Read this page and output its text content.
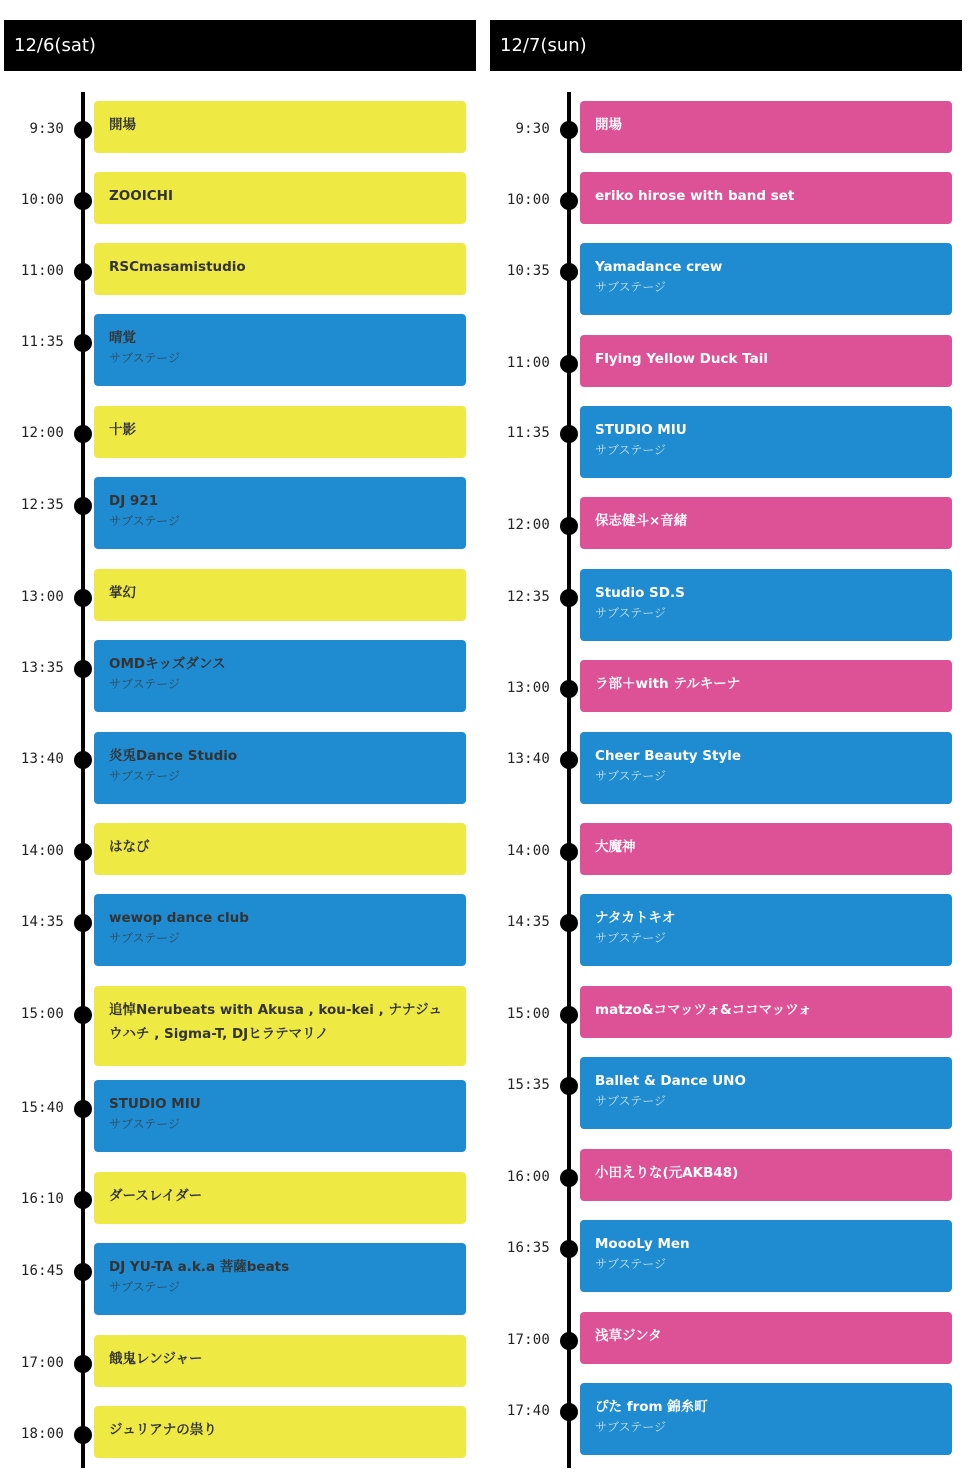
12/6(sat)
9:30	開場
10:00	ZOOICHI
11:00	RSCmasamistudio
11:35	晴覚
サブステージ
12:00	十影
12:35	DJ 921
サブステージ
13:00	掌幻
13:35	OMDキッズダンス
サブステージ
13:40	炎兎Dance Studio
サブステージ
14:00	はなび
14:35	wewop dance club
サブステージ
15:00	追悼Nerubeats with Akusa , kou-kei , ナナジュウハチ , Sigma-T, DJヒラテマリノ
15:40	STUDIO MIU
サブステージ
16:10	ダースレイダー
16:45	DJ YU-TA a.k.a 菩薩beats
サブステージ
17:00	餓鬼レンジャー
18:00	ジュリアナの祟り
12/7(sun)
9:30	開場
10:00	eriko hirose with band set
10:35	Yamadance crew
サブステージ
11:00	Flying Yellow Duck Tail
11:35	STUDIO MIU
サブステージ
12:00	保志健斗×音緒
12:35	Studio SD.S
サブステージ
13:00	ラ部＋with テルキーナ
13:40	Cheer Beauty Style
サブステージ
14:00	大魔神
14:35	ナタカトキオ
サブステージ
15:00	matzo&コマッツォ&ココマッツォ
15:35	Ballet & Dance UNO
サブステージ
16:00	小田えりな(元AKB48)
16:35	MoooLy Men
サブステージ
17:00	浅草ジンタ
17:40	ぴた from 錦糸町
サブステージ
